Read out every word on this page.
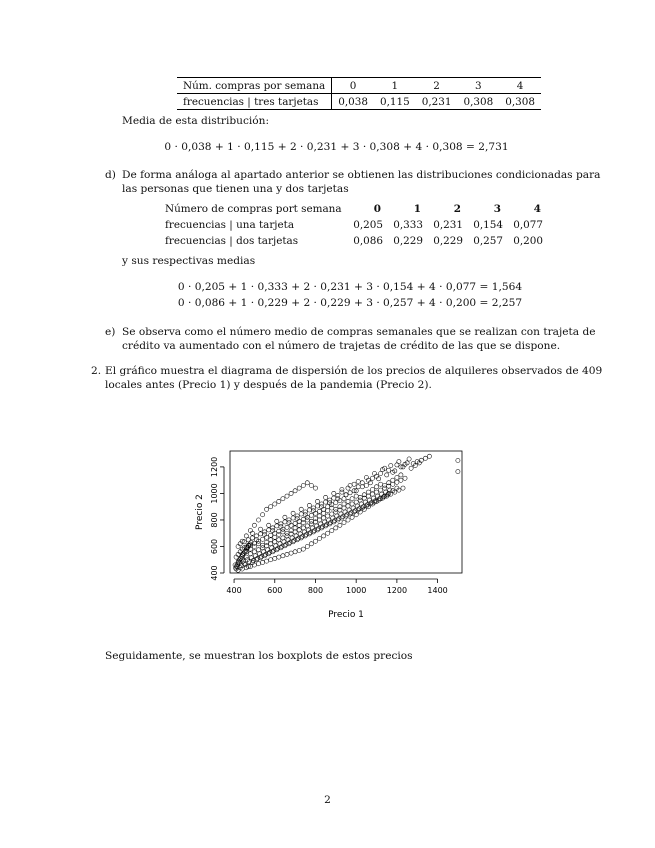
Núm. compras por semana	0	1	2	3	4
frecuencias | tres tarjetas	0,038	0,115	0,231	0,308	0,308
Media de esta distribución:
0 · 0,038 + 1 · 0,115 + 2 · 0,231 + 3 · 0,308 + 4 · 0,308 = 2,731
d) De forma análoga al apartado anterior se obtienen las distribuciones condicionadas para
las personas que tienen una y dos tarjetas
Número de compras port semana	0	1	2	3	4
frecuencias | una tarjeta	0,205	0,333	0,231	0,154	0,077
frecuencias | dos tarjetas	0,086	0,229	0,229	0,257	0,200
y sus respectivas medias
0 · 0,205 + 1 · 0,333 + 2 · 0,231 + 3 · 0,154 + 4 · 0,077 = 1,564
0 · 0,086 + 1 · 0,229 + 2 · 0,229 + 3 · 0,257 + 4 · 0,200 = 2,257
e) Se observa como el número medio de compras semanales que se realizan con trajeta de
crédito va aumentado con el número de trajetas de crédito de las que se dispone.
2. El gráfico muestra el diagrama de dispersión de los precios de alquileres observados de 409
locales antes (Precio 1) y después de la pandemia (Precio 2).
400	600	800	1000	1200	1400
400
600
800
1000
1200
Precio 1
Precio 2
Seguidamente, se muestran los boxplots de estos precios
2
